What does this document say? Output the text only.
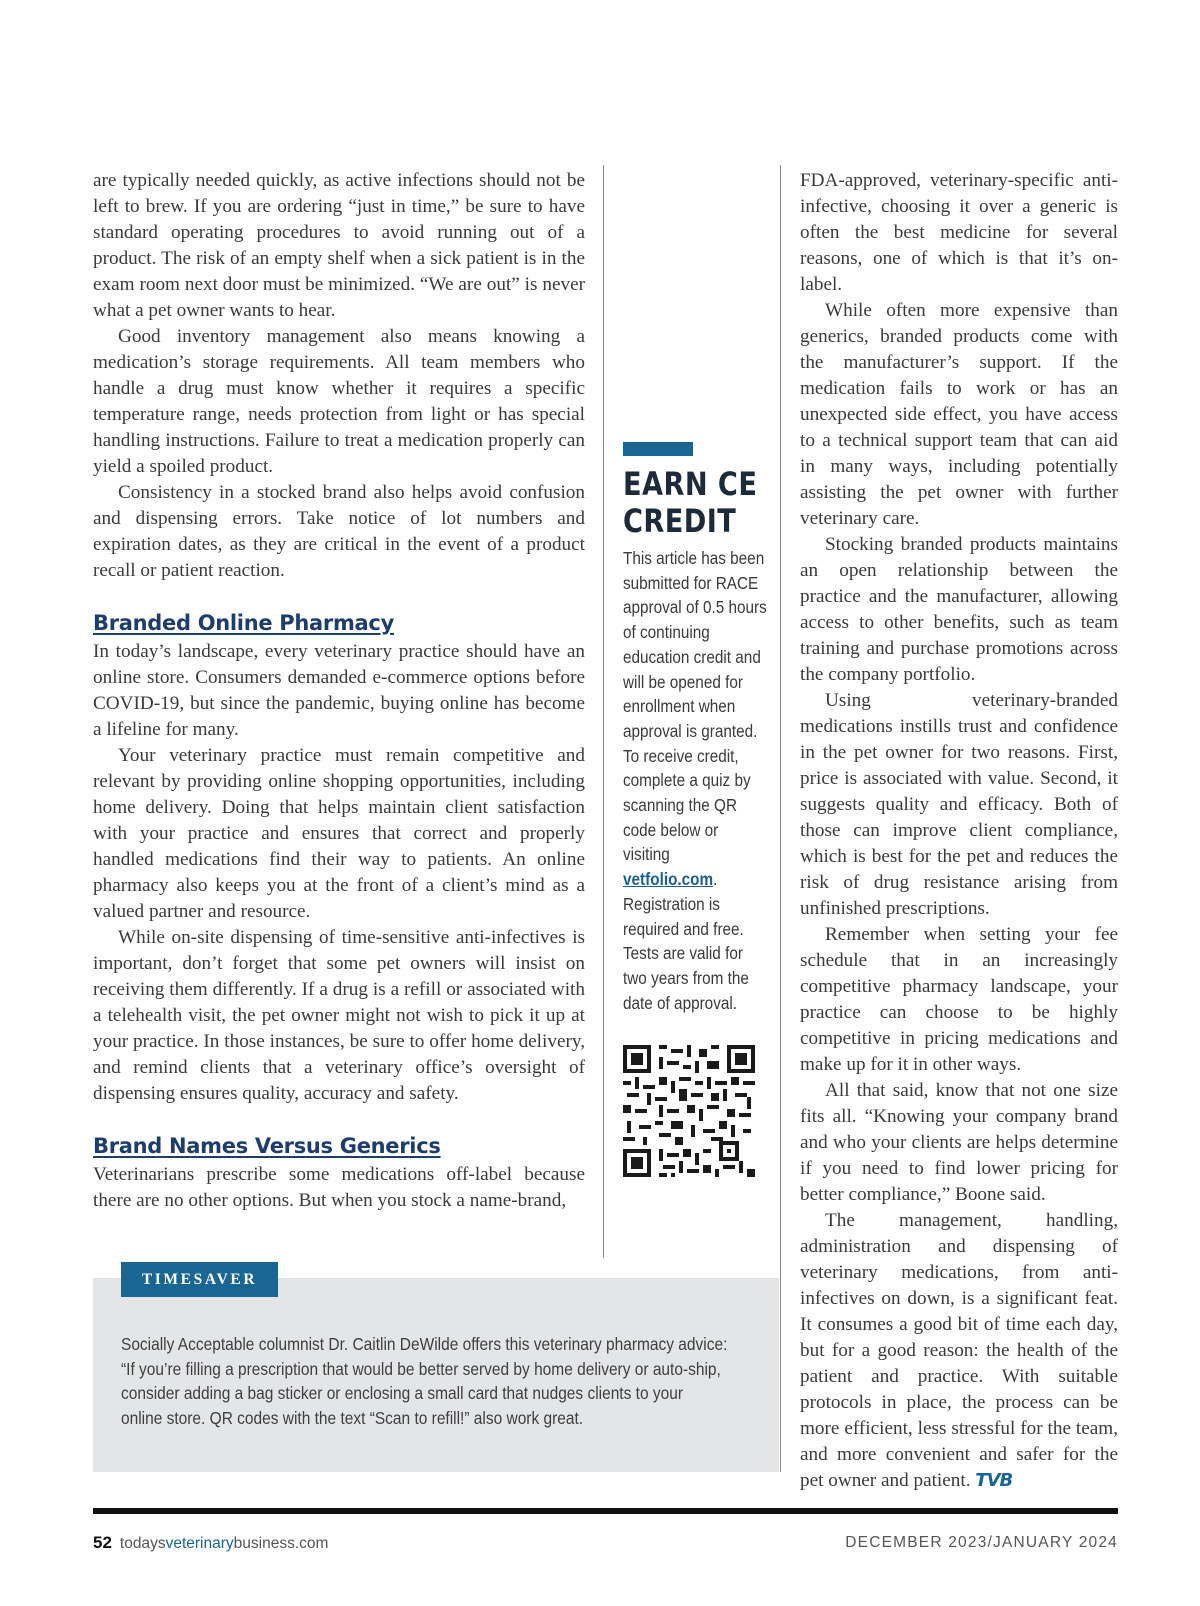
are typically needed quickly, as active infections should not be left to brew. If you are ordering “just in time,” be sure to have standard operating procedures to avoid running out of a product. The risk of an empty shelf when a sick patient is in the exam room next door must be minimized. “We are out” is never what a pet owner wants to hear.

Good inventory management also means knowing a medication’s storage requirements. All team members who handle a drug must know whether it requires a specific temperature range, needs protection from light or has special handling instructions. Failure to treat a medication properly can yield a spoiled product.

Consistency in a stocked brand also helps avoid confusion and dispensing errors. Take notice of lot numbers and expiration dates, as they are critical in the event of a product recall or patient reaction.

Branded Online Pharmacy

In today’s landscape, every veterinary practice should have an online store. Consumers demanded e-commerce options before COVID-19, but since the pandemic, buying online has become a lifeline for many.

Your veterinary practice must remain competitive and relevant by providing online shopping opportunities, including home delivery. Doing that helps maintain client satisfaction with your practice and ensures that correct and properly handled medications find their way to patients. An online pharmacy also keeps you at the front of a client’s mind as a valued partner and resource.

While on-site dispensing of time-sensitive anti-infectives is important, don’t forget that some pet owners will insist on receiving them differently. If a drug is a refill or associated with a telehealth visit, the pet owner might not wish to pick it up at your practice. In those instances, be sure to offer home delivery, and remind clients that a veterinary office’s oversight of dispensing ensures quality, accuracy and safety.

Brand Names Versus Generics

Veterinarians prescribe some medications off-label because there are no other options. But when you stock a name-brand,

EARN CE CREDIT

This article has been submitted for RACE approval of 0.5 hours of continuing education credit and will be opened for enrollment when approval is granted. To receive credit, complete a quiz by scanning the QR code below or visiting vetfolio.com. Registration is required and free. Tests are valid for two years from the date of approval.

TIMESAVER

Socially Acceptable columnist Dr. Caitlin DeWilde offers this veterinary pharmacy advice: “If you’re filling a prescription that would be better served by home delivery or auto-ship, consider adding a bag sticker or enclosing a small card that nudges clients to your online store. QR codes with the text “Scan to refill!” also work great.

FDA-approved, veterinary-specific anti-infective, choosing it over a generic is often the best medicine for several reasons, one of which is that it’s on-label.

While often more expensive than generics, branded products come with the manufacturer’s support. If the medication fails to work or has an unexpected side effect, you have access to a technical support team that can aid in many ways, including potentially assisting the pet owner with further veterinary care.

Stocking branded products maintains an open relationship between the practice and the manufacturer, allowing access to other benefits, such as team training and purchase promotions across the company portfolio.

Using veterinary-branded medications instills trust and confidence in the pet owner for two reasons. First, price is associated with value. Second, it suggests quality and efficacy. Both of those can improve client compliance, which is best for the pet and reduces the risk of drug resistance arising from unfinished prescriptions.

Remember when setting your fee schedule that in an increasingly competitive pharmacy landscape, your practice can choose to be highly competitive in pricing medications and make up for it in other ways.

All that said, know that not one size fits all. “Knowing your company brand and who your clients are helps determine if you need to find lower pricing for better compliance,” Boone said.

The management, handling, administration and dispensing of veterinary medications, from anti-infectives on down, is a significant feat. It consumes a good bit of time each day, but for a good reason: the health of the patient and practice. With suitable protocols in place, the process can be more efficient, less stressful for the team, and more convenient and safer for the pet owner and patient. TVB

52 todaysveterinarybusiness.com	DECEMBER 2023/JANUARY 2024
